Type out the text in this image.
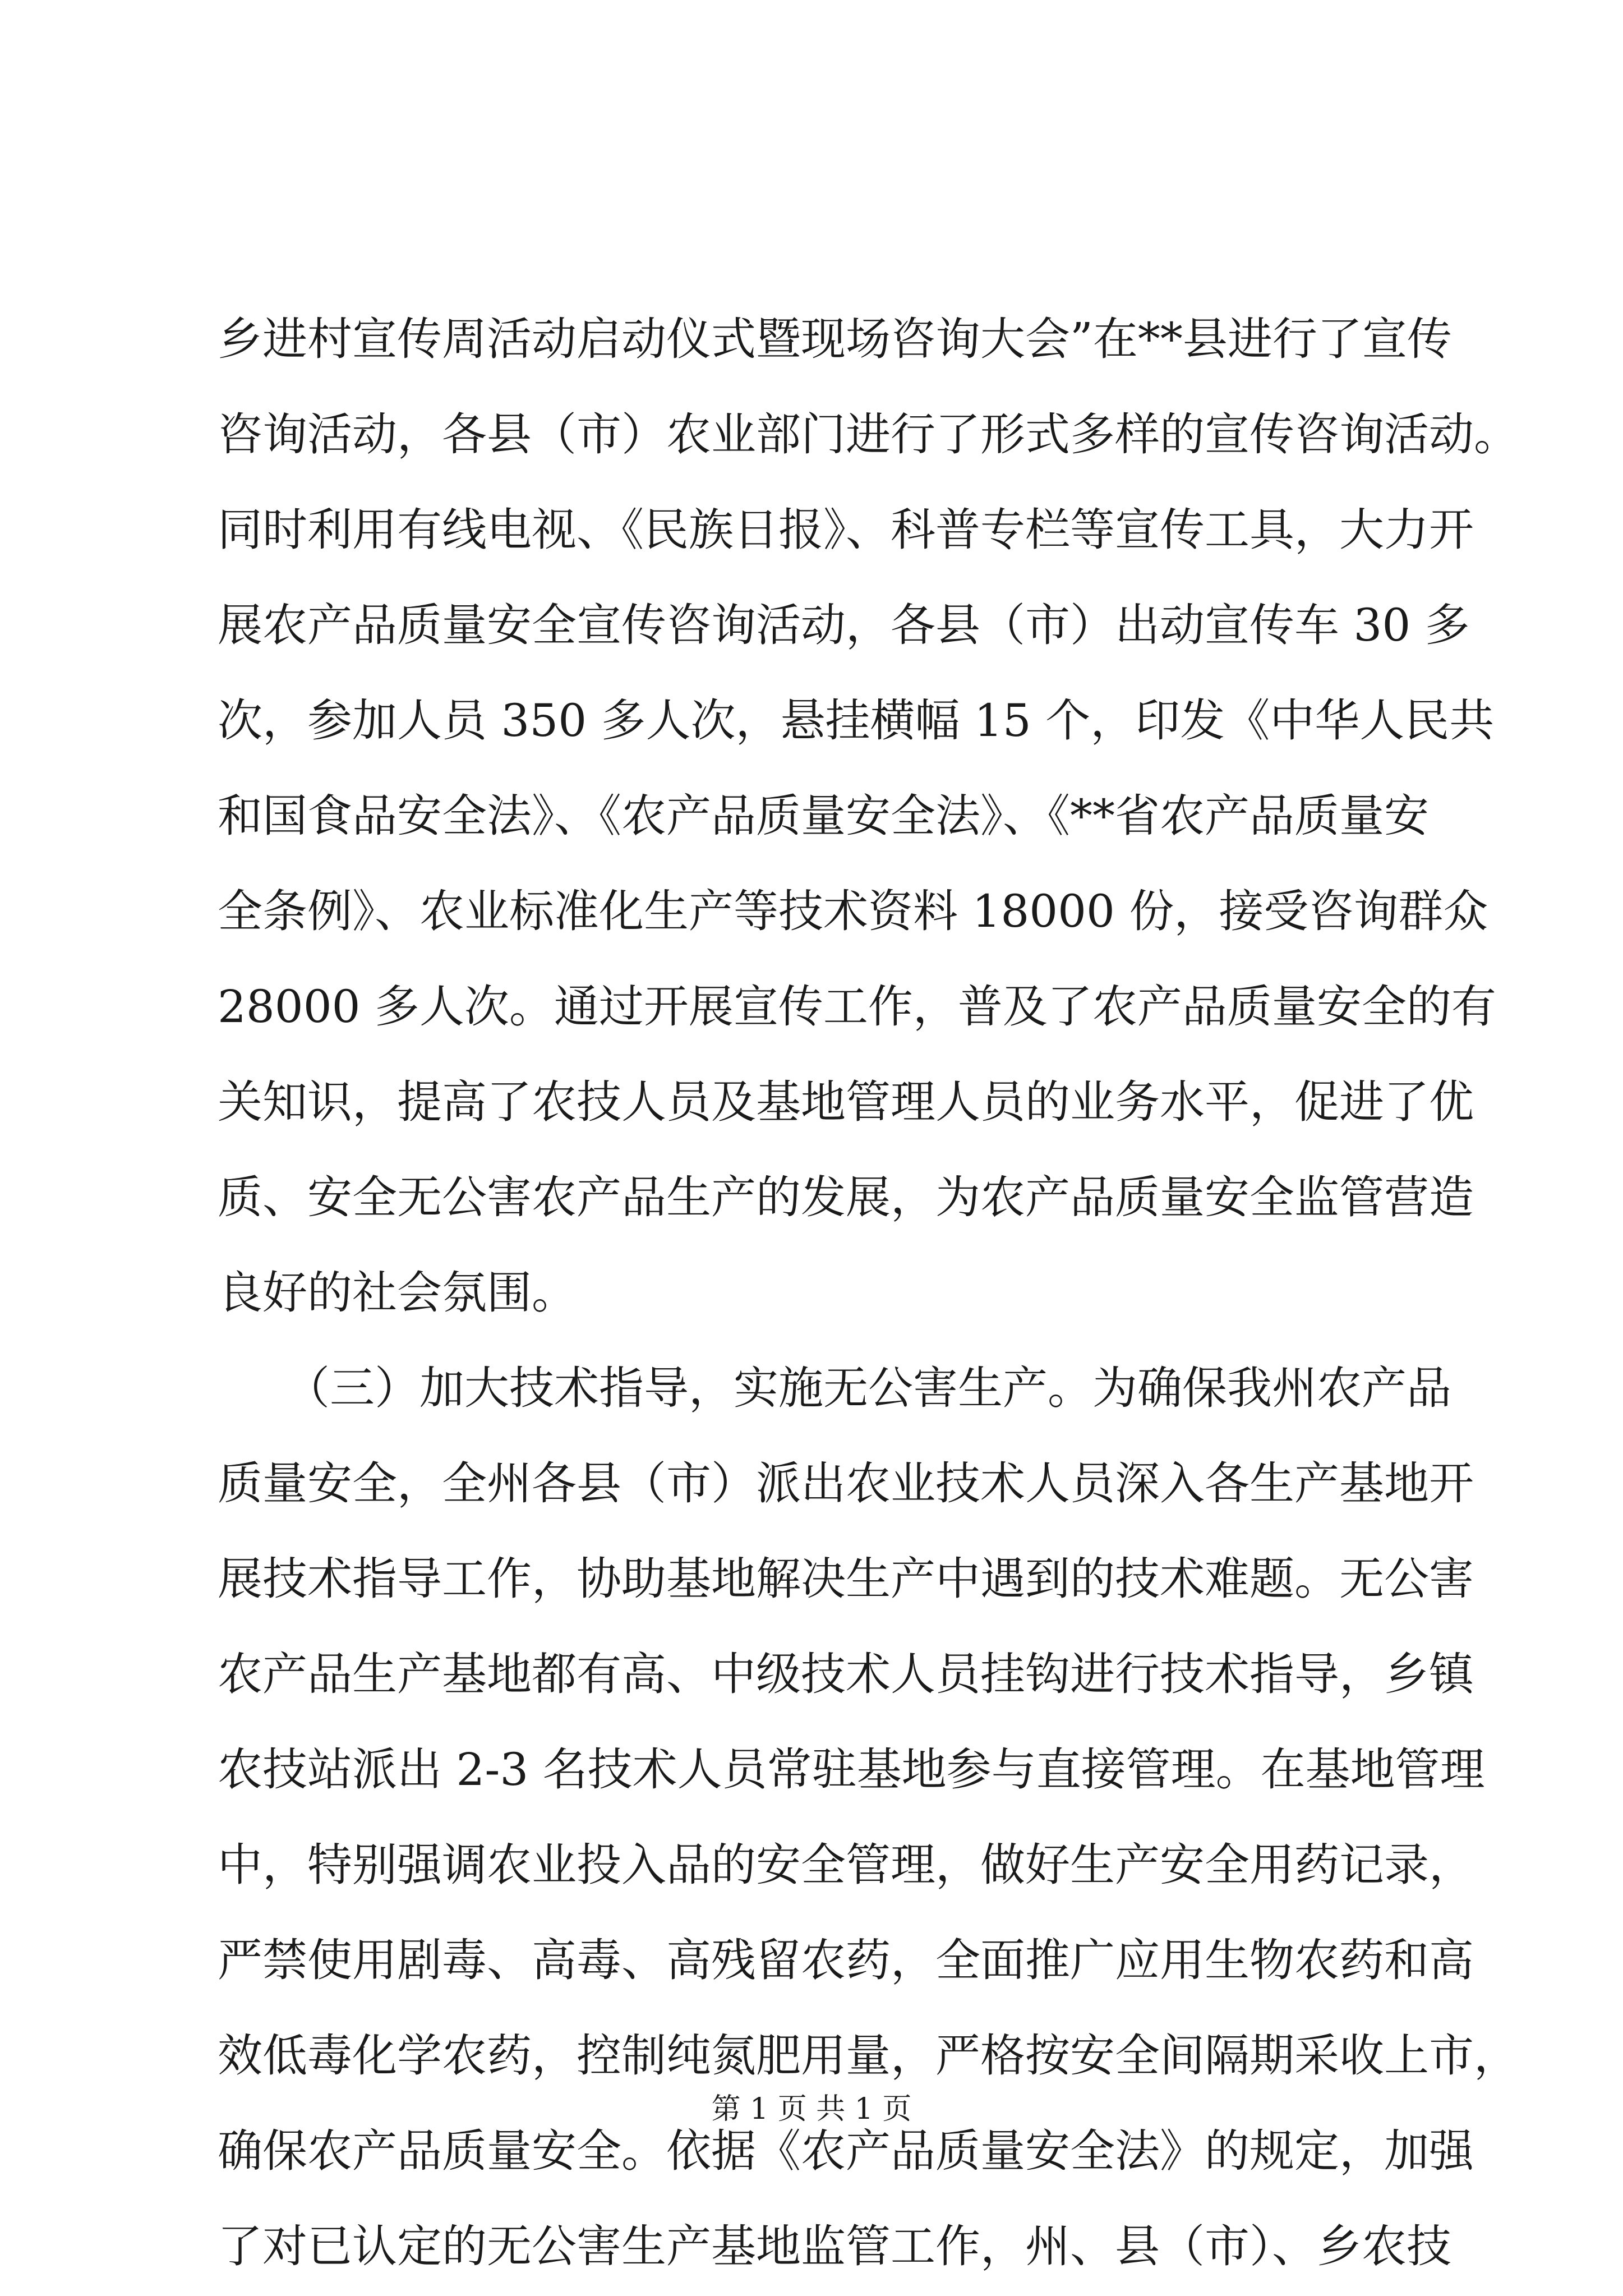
乡进村宣传周活动启动仪式暨现场咨询大会”在**县进行了宣传
咨询活动，各县（市）农业部门进行了形式多样的宣传咨询活动。
同时利用有线电视、《民族日报》、科普专栏等宣传工具，大力开
展农产品质量安全宣传咨询活动，各县（市）出动宣传车 30 多
次，参加人员 350 多人次，悬挂横幅 15 个，印发《中华人民共
和国食品安全法》、《农产品质量安全法》、《**省农产品质量安
全条例》、农业标准化生产等技术资料 18000 份，接受咨询群众
28000 多人次。通过开展宣传工作，普及了农产品质量安全的有
关知识，提高了农技人员及基地管理人员的业务水平，促进了优
质、安全无公害农产品生产的发展，为农产品质量安全监管营造
良好的社会氛围。
　　（三）加大技术指导，实施无公害生产。为确保我州农产品
质量安全，全州各县（市）派出农业技术人员深入各生产基地开
展技术指导工作，协助基地解决生产中遇到的技术难题。无公害
农产品生产基地都有高、中级技术人员挂钩进行技术指导，乡镇
农技站派出 2-3 名技术人员常驻基地参与直接管理。在基地管理
中，特别强调农业投入品的安全管理，做好生产安全用药记录，
严禁使用剧毒、高毒、高残留农药，全面推广应用生物农药和高
效低毒化学农药，控制纯氮肥用量，严格按安全间隔期采收上市，
确保农产品质量安全。依据《农产品质量安全法》的规定，加强
了对已认定的无公害生产基地监管工作，州、县（市）、乡农技
第 1 页 共 1 页
